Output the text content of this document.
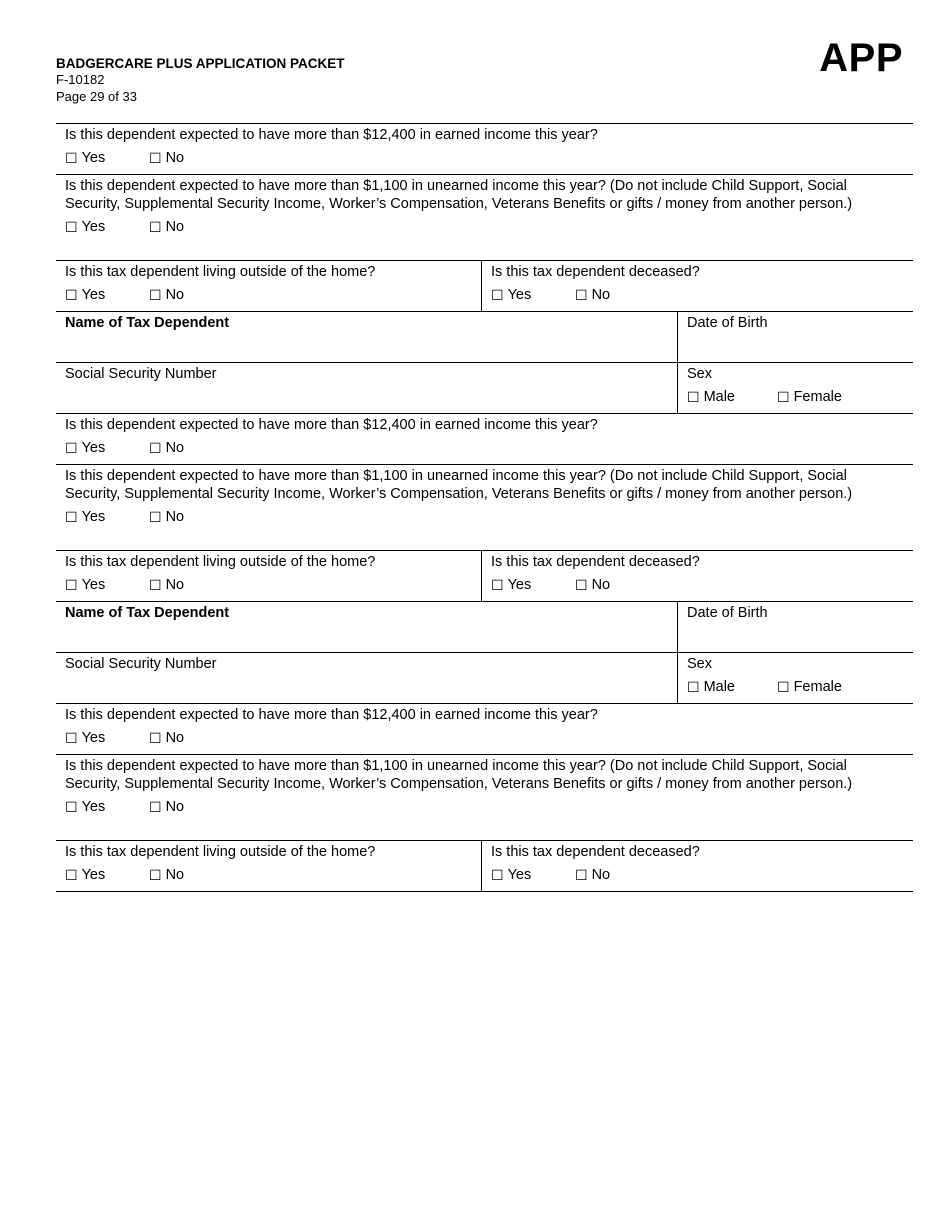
BADGERCARE PLUS APPLICATION PACKET
F-10182
Page 29 of 33
APP
Is this dependent expected to have more than $12,400 in earned income this year?
☐ Yes	☐ No
Is this dependent expected to have more than $1,100 in unearned income this year? (Do not include Child Support, Social Security, Supplemental Security Income, Worker’s Compensation, Veterans Benefits or gifts / money from another person.)
☐ Yes	☐ No
Is this tax dependent living outside of the home?
☐ Yes	☐ No
Is this tax dependent deceased?
☐ Yes	☐ No
Name of Tax Dependent	Date of Birth
Social Security Number	Sex
☐ Male	☐ Female
Is this dependent expected to have more than $12,400 in earned income this year?
☐ Yes	☐ No
Is this dependent expected to have more than $1,100 in unearned income this year? (Do not include Child Support, Social Security, Supplemental Security Income, Worker’s Compensation, Veterans Benefits or gifts / money from another person.)
☐ Yes	☐ No
Is this tax dependent living outside of the home?
☐ Yes	☐ No
Is this tax dependent deceased?
☐ Yes	☐ No
Name of Tax Dependent	Date of Birth
Social Security Number	Sex
☐ Male	☐ Female
Is this dependent expected to have more than $12,400 in earned income this year?
☐ Yes	☐ No
Is this dependent expected to have more than $1,100 in unearned income this year? (Do not include Child Support, Social Security, Supplemental Security Income, Worker’s Compensation, Veterans Benefits or gifts / money from another person.)
☐ Yes	☐ No
Is this tax dependent living outside of the home?
☐ Yes	☐ No
Is this tax dependent deceased?
☐ Yes	☐ No
